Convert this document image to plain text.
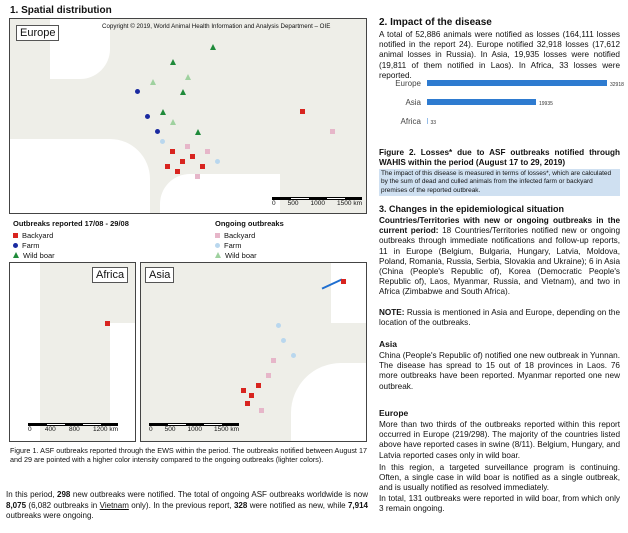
1. Spatial distribution
Europe
Copyright © 2019, World Animal Health Information and Analysis Department – OIE
0 500 1000 1500 km
Outbreaks reported 17/08 - 29/08
Backyard
Farm
Wild boar
Ongoing outbreaks
Backyard
Farm
Wild boar
Africa
0 400 800 1200 km
Asia
0 500 1000 1500 km
Figure 1. ASF outbreaks reported through the EWS within the period. The outbreaks notified between August 17 and 29 are pointed with a higher color intensity compared to the ongoing outbreaks (lighter colors).
In this period, 298 new outbreaks were notified. The total of ongoing ASF outbreaks worldwide is now 8,075 (6,082 outbreaks in Vietnam only). In the previous report, 328 were notified as new, while 7,914 outbreaks were ongoing.
2. Impact of the disease
A total of 52,886 animals were notified as losses (164,111 losses notified in the report 24). Europe notified 32,918 losses (17,612 animal losses in Russia). In Asia, 19,935 losses were notified (19,811 of them notified in Laos). In Africa, 33 losses were reported.
Europe	32918
Asia	19935
Africa 33
Figure 2. Losses* due to ASF outbreaks notified through WAHIS within the period (August 17 to 29, 2019)
The impact of this disease is measured in terms of losses*, which are calculated by the sum of dead and culled animals from the infected farm or backyard premises of the reported outbreak.
3. Changes in the epidemiological situation
Countries/Territories with new or ongoing outbreaks in the current period: 18 Countries/Territories notified new or ongoing outbreaks through immediate notifications and follow-up reports, 11 in Europe (Belgium, Bulgaria, Hungary, Latvia, Moldova, Poland, Romania, Russia, Serbia, Slovakia and Ukraine); 6 in Asia (China (People's Republic of), Korea (Democratic People's Republic of), Laos, Myanmar, Russia, and Vietnam), and two in Africa (Zimbabwe and South Africa).
NOTE: Russia is mentioned in Asia and Europe, depending on the location of the outbreaks.
Asia
China (People's Republic of) notified one new outbreak in Yunnan. The disease has spread to 15 out of 18 provinces in Laos. 76 more outbreaks have been reported. Myanmar reported one new outbreak.
Europe
More than two thirds of the outbreaks reported within this report occurred in Europe (219/298). The majority of the countries listed above have reported cases in swine (8/11). Belgium, Hungary, and Latvia reported cases only in wild boar.
In this region, a targeted surveillance program is continuing. Often, a single case in wild boar is notified as a single outbreak, and is usually notified as resolved immediately.
In total, 131 outbreaks were reported in wild boar, from which only 3 remain ongoing.
